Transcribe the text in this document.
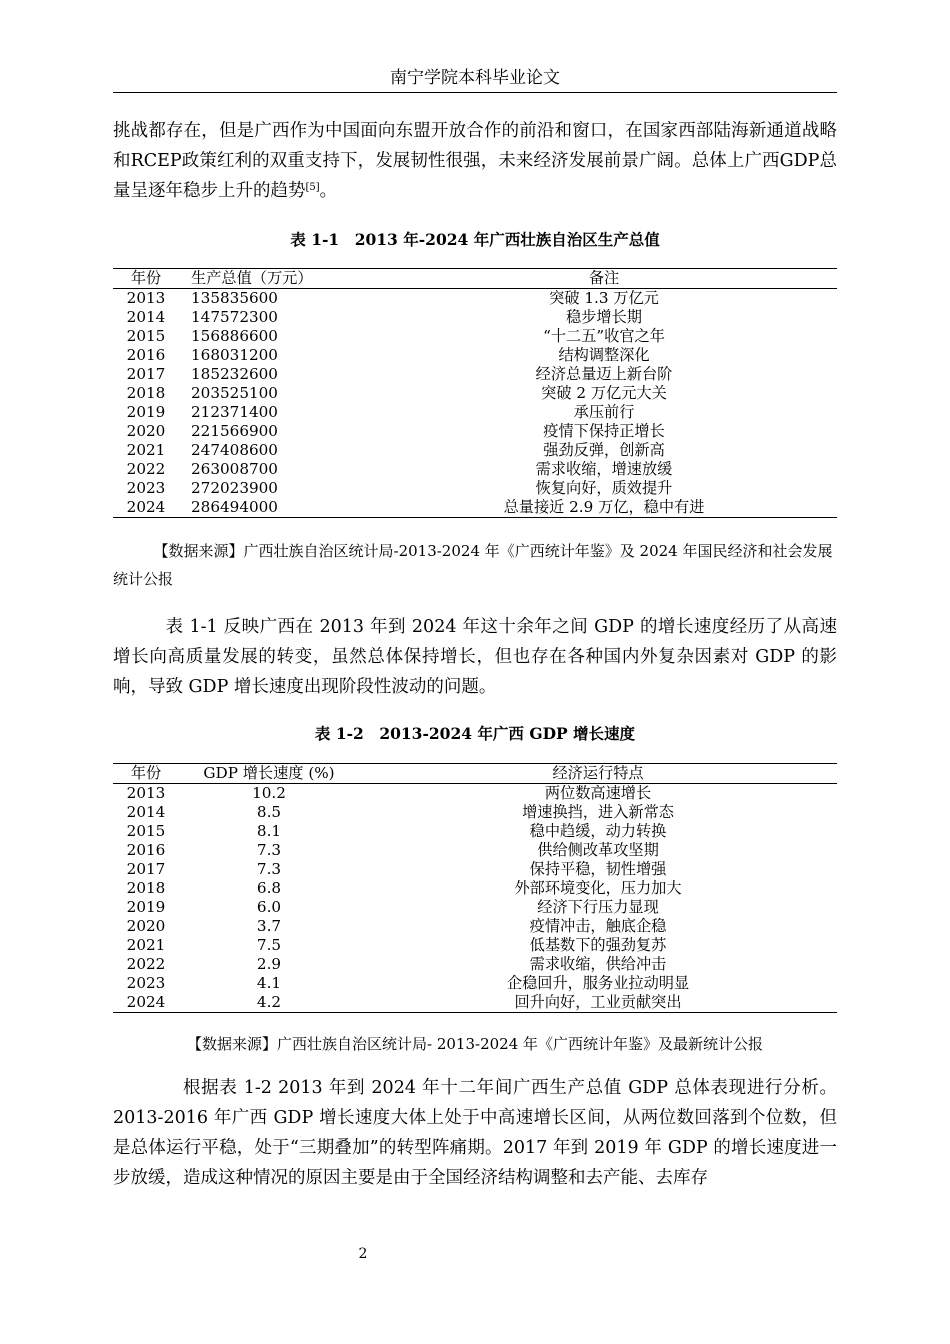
南宁学院本科毕业论文
挑战都存在，但是广西作为中国面向东盟开放合作的前沿和窗口，在国家西部陆海新通道战略和RCEP政策红利的双重支持下，发展韧性很强，未来经济发展前景广阔。总体上广西GDP总量呈逐年稳步上升的趋势[5]。
表 1-1　2013 年-2024 年广西壮族自治区生产总值
年份	生产总值（万元）	备注
2013	135835600	突破 1.3 万亿元
2014	147572300	稳步增长期
2015	156886600	“十二五”收官之年
2016	168031200	结构调整深化
2017	185232600	经济总量迈上新台阶
2018	203525100	突破 2 万亿元大关
2019	212371400	承压前行
2020	221566900	疫情下保持正增长
2021	247408600	强劲反弹，创新高
2022	263008700	需求收缩，增速放缓
2023	272023900	恢复向好，质效提升
2024	286494000	总量接近 2.9 万亿，稳中有进
【数据来源】广西壮族自治区统计局-2013-2024 年《广西统计年鉴》及 2024 年国民经济和社会发展统计公报
表 1-1 反映广西在 2013 年到 2024 年这十余年之间 GDP 的增长速度经历了从高速增长向高质量发展的转变，虽然总体保持增长，但也存在各种国内外复杂因素对 GDP 的影响，导致 GDP 增长速度出现阶段性波动的问题。
表 1-2　2013-2024 年广西 GDP 增长速度
年份	GDP 增长速度 (%)	经济运行特点
2013	10.2	两位数高速增长
2014	8.5	增速换挡，进入新常态
2015	8.1	稳中趋缓，动力转换
2016	7.3	供给侧改革攻坚期
2017	7.3	保持平稳，韧性增强
2018	6.8	外部环境变化，压力加大
2019	6.0	经济下行压力显现
2020	3.7	疫情冲击，触底企稳
2021	7.5	低基数下的强劲复苏
2022	2.9	需求收缩，供给冲击
2023	4.1	企稳回升，服务业拉动明显
2024	4.2	回升向好，工业贡献突出
【数据来源】广西壮族自治区统计局- 2013-2024 年《广西统计年鉴》及最新统计公报
根据表 1-2 2013 年到 2024 年十二年间广西生产总值 GDP 总体表现进行分析。2013-2016 年广西 GDP 增长速度大体上处于中高速增长区间，从两位数回落到个位数，但是总体运行平稳，处于“三期叠加”的转型阵痛期。2017 年到 2019 年 GDP 的增长速度进一步放缓，造成这种情况的原因主要是由于全国经济结构调整和去产能、去库存
2
